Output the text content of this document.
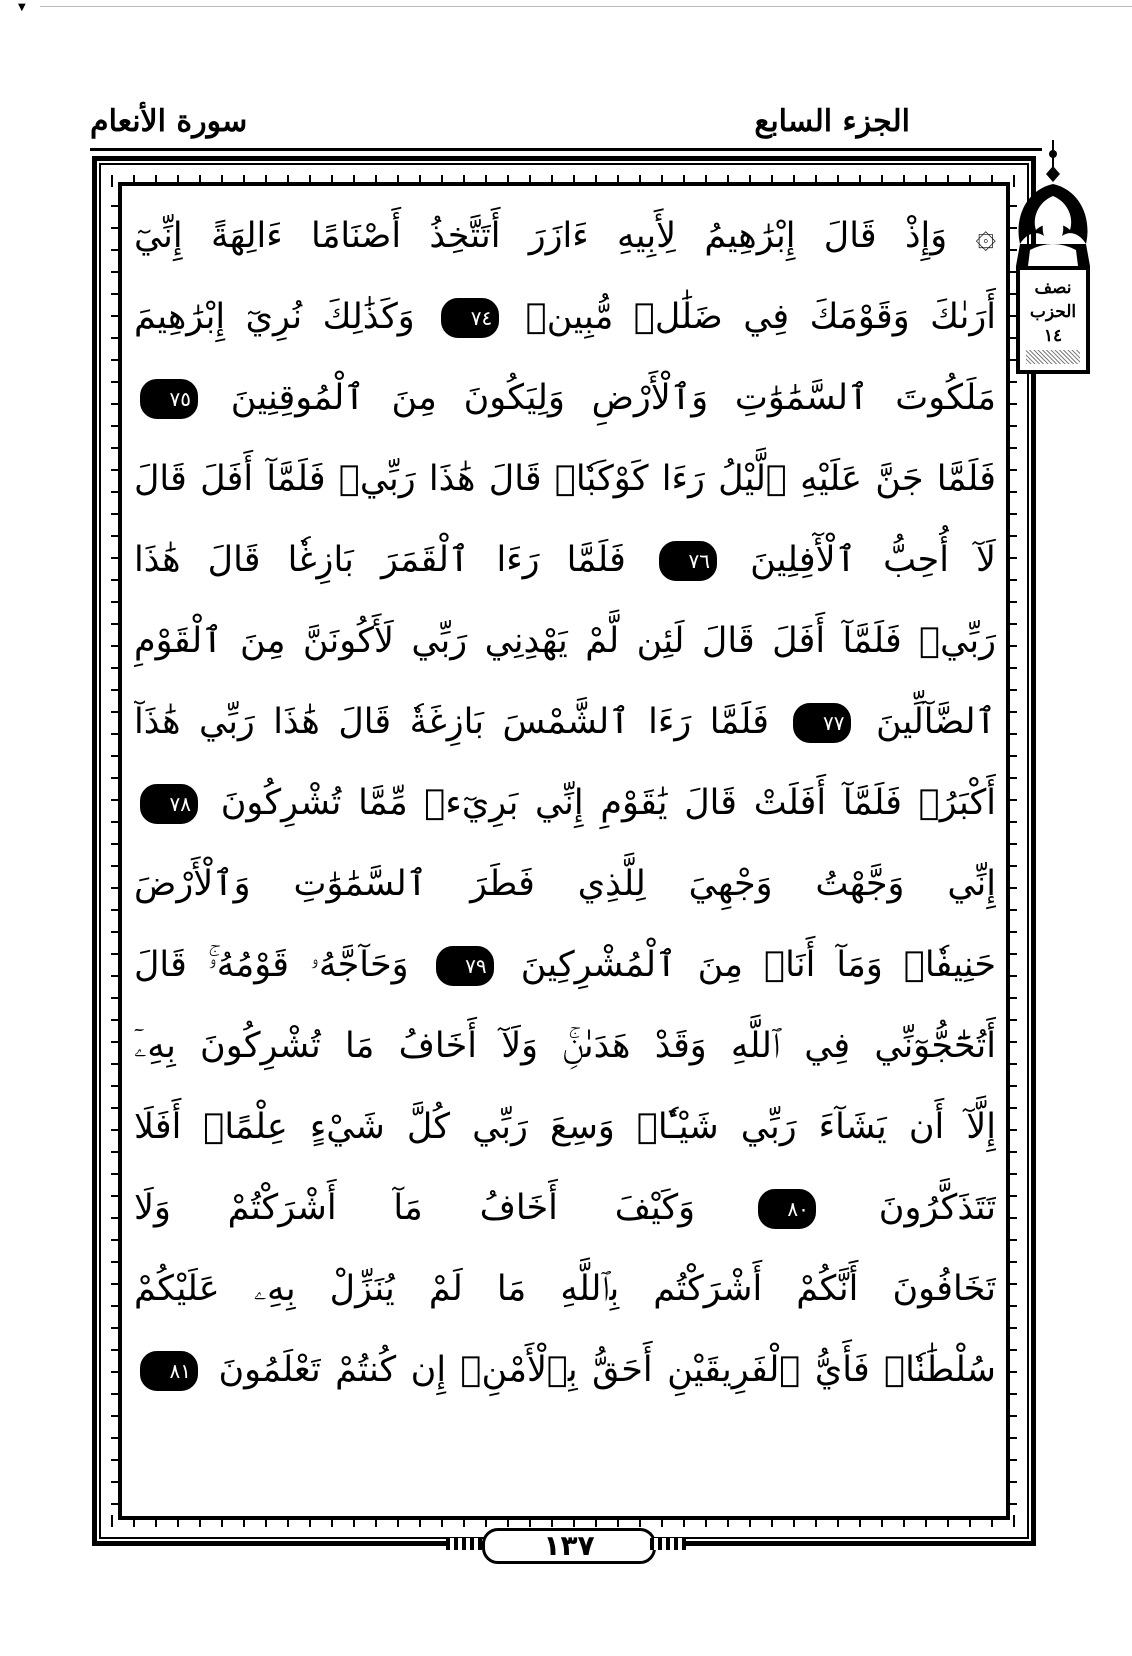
▼
الجزء السابع
سورة الأنعام
۞ وَإِذْ قَالَ إِبْرَٰهِيمُ لِأَبِيهِ ءَازَرَ أَتَتَّخِذُ أَصْنَامًا ءَالِهَةً إِنِّيٓ
أَرَىٰكَ وَقَوْمَكَ فِي ضَلَٰلٖ مُّبِينٖ ٧٤ وَكَذَٰلِكَ نُرِيٓ إِبْرَٰهِيمَ
مَلَكُوتَ ٱلسَّمَٰوَٰتِ وَٱلْأَرْضِ وَلِيَكُونَ مِنَ ٱلْمُوقِنِينَ ٧٥
فَلَمَّا جَنَّ عَلَيْهِ ٱلَّيْلُ رَءَا كَوْكَبٗاۖ قَالَ هَٰذَا رَبِّيۖ فَلَمَّآ أَفَلَ قَالَ
لَآ أُحِبُّ ٱلْأٓفِلِينَ ٧٦ فَلَمَّا رَءَا ٱلْقَمَرَ بَازِغٗا قَالَ هَٰذَا
رَبِّيۖ فَلَمَّآ أَفَلَ قَالَ لَئِن لَّمْ يَهْدِنِي رَبِّي لَأَكُونَنَّ مِنَ ٱلْقَوْمِ
ٱلضَّآلِّينَ ٧٧ فَلَمَّا رَءَا ٱلشَّمْسَ بَازِغَةٗ قَالَ هَٰذَا رَبِّي هَٰذَآ
أَكْبَرُۖ فَلَمَّآ أَفَلَتْ قَالَ يَٰقَوْمِ إِنِّي بَرِيٓءٞ مِّمَّا تُشْرِكُونَ ٧٨
إِنِّي وَجَّهْتُ وَجْهِيَ لِلَّذِي فَطَرَ ٱلسَّمَٰوَٰتِ وَٱلْأَرْضَ
حَنِيفٗاۖ وَمَآ أَنَا۠ مِنَ ٱلْمُشْرِكِينَ ٧٩ وَحَآجَّهُۥ قَوْمُهُۥۚ قَالَ
أَتُحَٰٓجُّوٓنِّي فِي ٱللَّهِ وَقَدْ هَدَىٰنِۚ وَلَآ أَخَافُ مَا تُشْرِكُونَ بِهِۦٓ
إِلَّآ أَن يَشَآءَ رَبِّي شَيْـٔٗاۚ وَسِعَ رَبِّي كُلَّ شَيْءٍ عِلْمًاۚ أَفَلَا
تَتَذَكَّرُونَ ٨٠ وَكَيْفَ أَخَافُ مَآ أَشْرَكْتُمْ وَلَا
تَخَافُونَ أَنَّكُمْ أَشْرَكْتُم بِٱللَّهِ مَا لَمْ يُنَزِّلْ بِهِۦ عَلَيْكُمْ
سُلْطَٰنٗاۚ فَأَيُّ ٱلْفَرِيقَيْنِ أَحَقُّ بِٱلْأَمْنِۖ إِن كُنتُمْ تَعْلَمُونَ ٨١
١٣٧
نصف
الحزب
١٤
